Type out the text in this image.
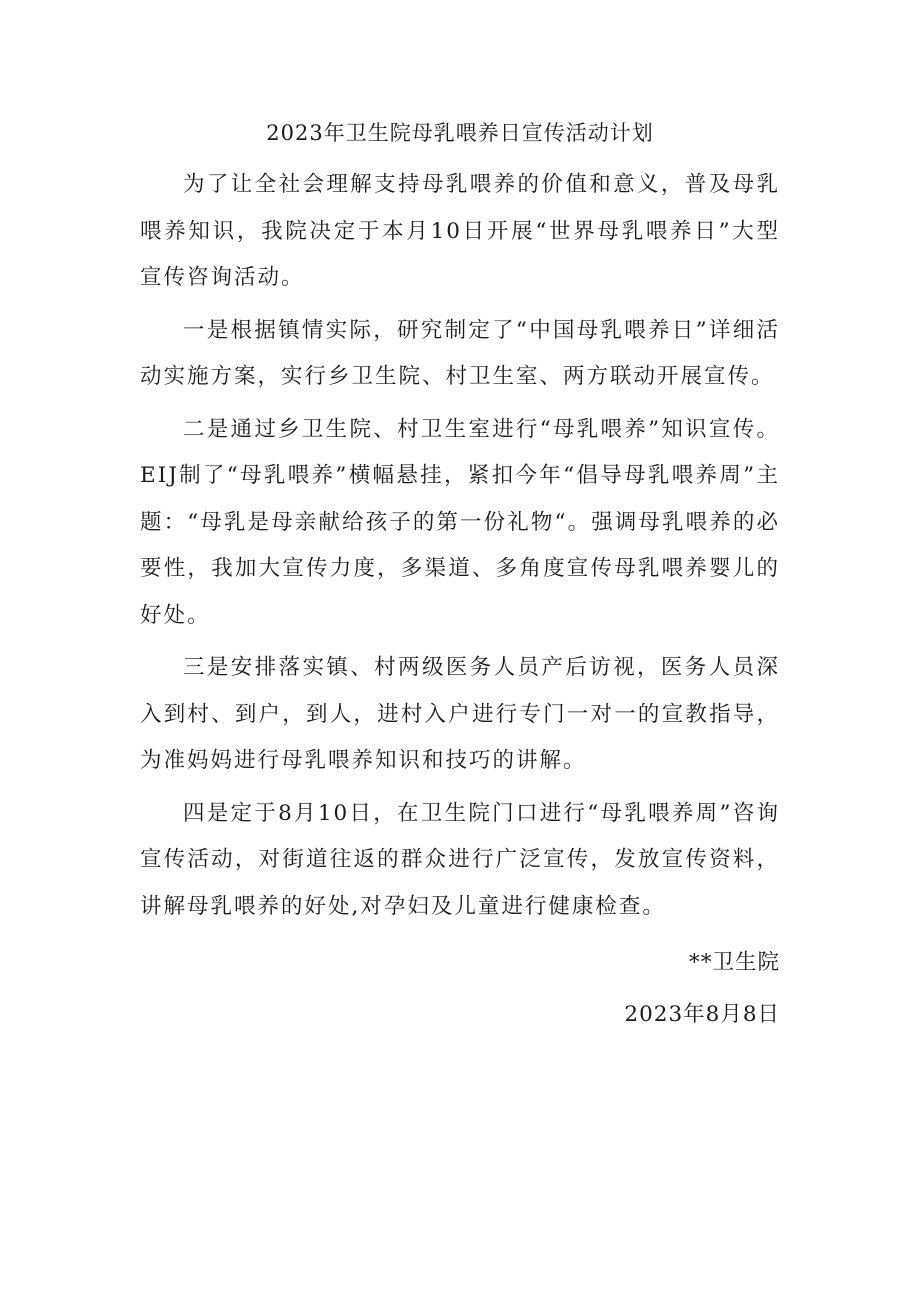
2023年卫生院母乳喂养日宣传活动计划

为了让全社会理解支持母乳喂养的价值和意义，普及母乳喂养知识，我院决定于本月10日开展“世界母乳喂养日”大型宣传咨询活动。

一是根据镇情实际，研究制定了“中国母乳喂养日”详细活动实施方案，实行乡卫生院、村卫生室、两方联动开展宣传。

二是通过乡卫生院、村卫生室进行“母乳喂养”知识宣传。EIJ制了“母乳喂养”横幅悬挂，紧扣今年“倡导母乳喂养周”主题：“母乳是母亲献给孩子的第一份礼物“。强调母乳喂养的必要性，我加大宣传力度，多渠道、多角度宣传母乳喂养婴儿的好处。

三是安排落实镇、村两级医务人员产后访视，医务人员深入到村、到户，到人，进村入户进行专门一对一的宣教指导，为准妈妈进行母乳喂养知识和技巧的讲解。

四是定于8月10日，在卫生院门口进行“母乳喂养周”咨询宣传活动，对街道往返的群众进行广泛宣传，发放宣传资料，讲解母乳喂养的好处,对孕妇及儿童进行健康检查。

**卫生院
2023年8月8日
